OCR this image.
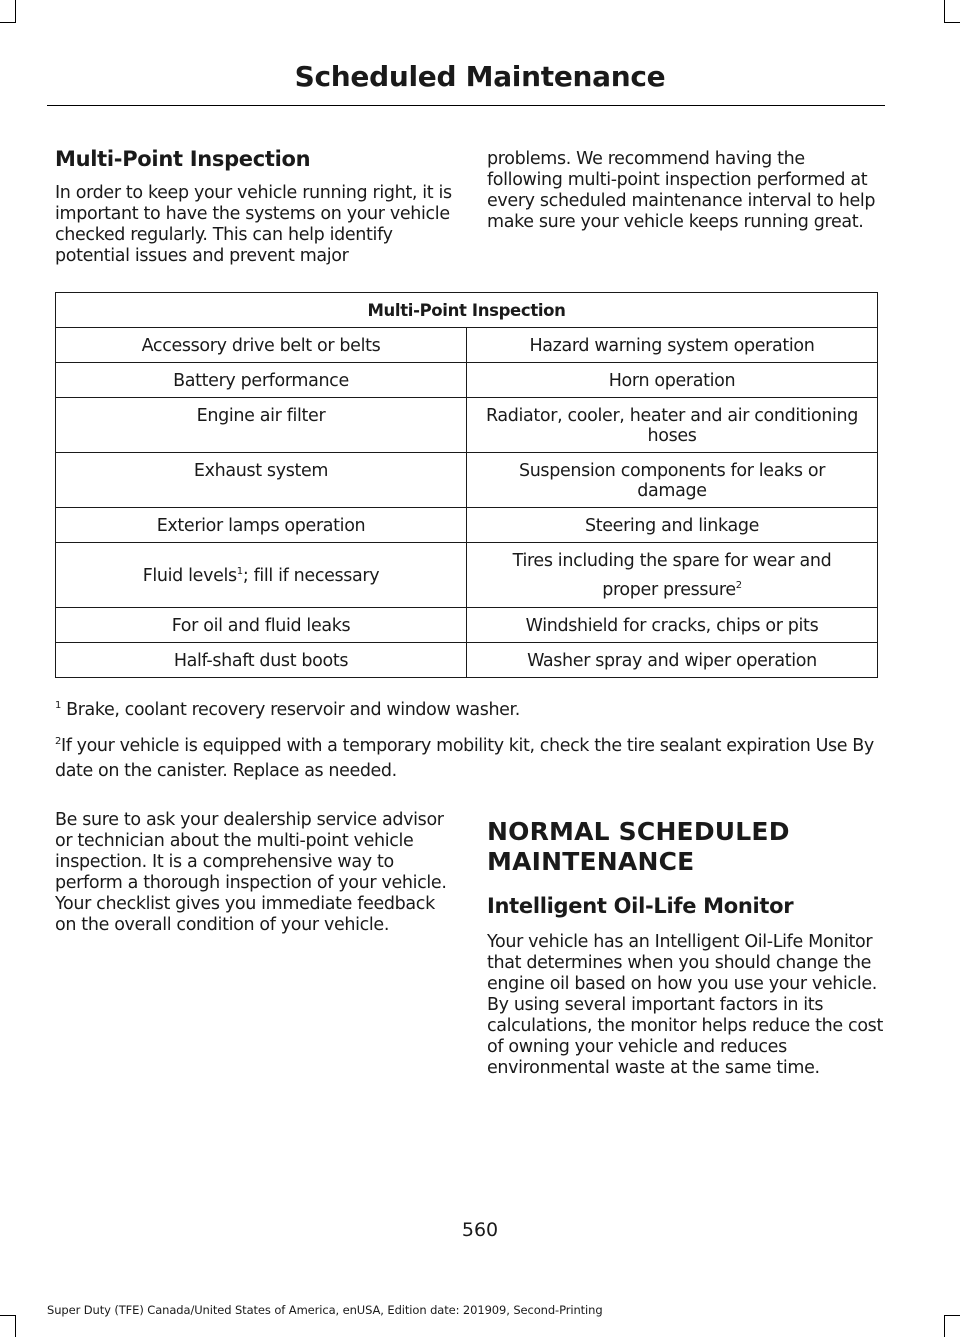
Scheduled Maintenance
Multi-Point Inspection
In order to keep your vehicle running right, it is important to have the systems on your vehicle checked regularly. This can help identify potential issues and prevent major
problems. We recommend having the following multi-point inspection performed at every scheduled maintenance interval to help make sure your vehicle keeps running great.
Multi-Point Inspection	
Accessory drive belt or belts	Hazard warning system operation
Battery performance	Horn operation
Engine air filter	Radiator, cooler, heater and air conditioning hoses
Exhaust system	Suspension components for leaks or damage
Exterior lamps operation	Steering and linkage
Fluid levels$^1$; fill if necessary	Tires including the spare for wear and proper pressure$^2$
For oil and fluid leaks	Windshield for cracks, chips or pits
Half-shaft dust boots	Washer spray and wiper operation
$^1$ Brake, coolant recovery reservoir and window washer.
$^2$If your vehicle is equipped with a temporary mobility kit, check the tire sealant expiration Use By date on the canister. Replace as needed.
Be sure to ask your dealership service advisor or technician about the multi-point vehicle inspection. It is a comprehensive way to perform a thorough inspection of your vehicle. Your checklist gives you immediate feedback on the overall condition of your vehicle.
NORMAL SCHEDULED MAINTENANCE
Intelligent Oil-Life Monitor
Your vehicle has an Intelligent Oil-Life Monitor that determines when you should change the engine oil based on how you use your vehicle. By using several important factors in its calculations, the monitor helps reduce the cost of owning your vehicle and reduces environmental waste at the same time.
560
Super Duty (TFE) Canada/United States of America, enUSA, Edition date: 201909, Second-Printing
